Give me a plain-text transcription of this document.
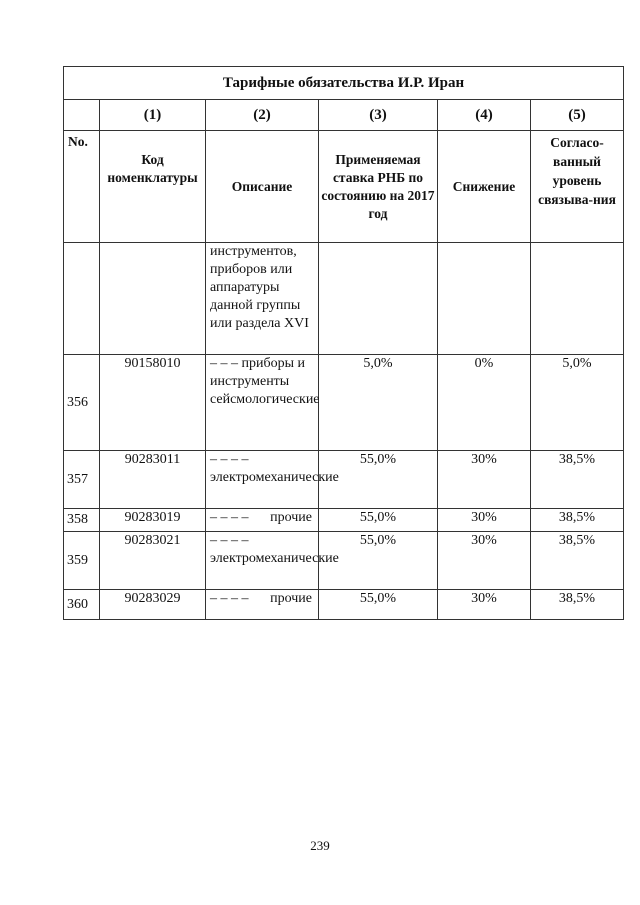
Тарифные обязательства И.Р. Иран					
	(1)	(2)	(3)	(4)	(5)
No.	Код номенклатуры	Описание	Применяемая ставка РНБ по состоянию на 2017 год	Снижение	Согласо-ванный уровень связыва-ния

		инструментов, приборов или аппаратуры данной группы или раздела XVI			
356	90158010	– – – приборы и инструменты сейсмологические	5,0%	0%	5,0%
357	90283011	– – – – электромеханические	55,0%	30%	38,5%
358	90283019	– – – – прочие	55,0%	30%	38,5%
359	90283021	– – – – электромеханические	55,0%	30%	38,5%
360	90283029	– – – – прочие	55,0%	30%	38,5%
239
